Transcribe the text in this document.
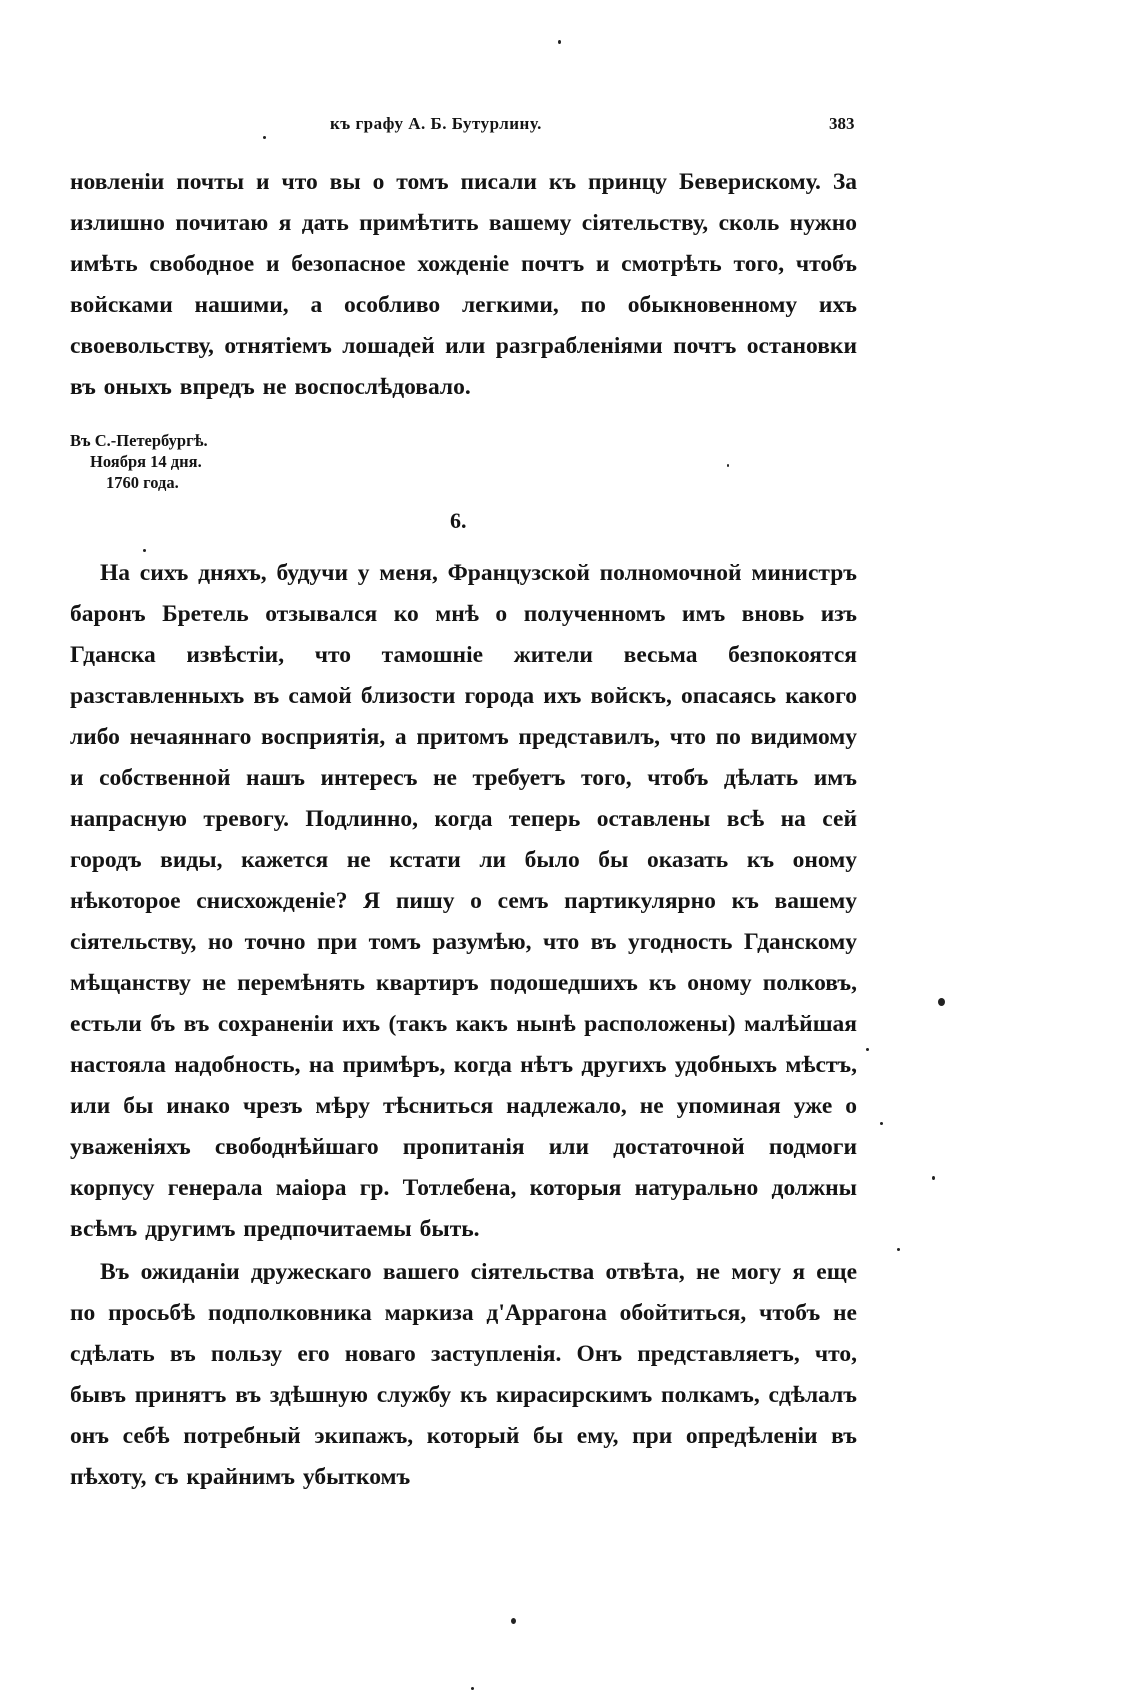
къ графу А. Б. Бутурлину.	383

новленіи почты и что вы о томъ писали къ принцу Беверискому. За излишно почитаю я дать примѣтить вашему сіятельству, сколь нужно имѣть свободное и безопасное хожденіе почтъ и смотрѣть того, чтобъ войсками нашими, а особливо легкими, по обыкновенному ихъ своевольству, отнятіемъ лошадей или разграбленіями почтъ остановки въ оныхъ впредъ не воспослѣдовало.

Въ С.-Петербургѣ.
Ноября 14 дня.
1760 года.
6.

На сихъ дняхъ, будучи у меня, Французской полномочной министръ баронъ Бретель отзывался ко мнѣ о полученномъ имъ вновь изъ Гданска извѣстіи, что тамошніе жители весьма безпокоятся разставленныхъ въ самой близости города ихъ войскъ, опасаясь какого либо нечаяннаго восприятія, а притомъ представилъ, что по видимому и собственной нашъ интересъ не требуетъ того, чтобъ дѣлать имъ напрасную тревогу. Подлинно, когда теперь оставлены всѣ на сей городъ виды, кажется не кстати ли было бы оказать къ оному нѣкоторое снисхожденіе? Я пишу о семъ партикулярно къ вашему сіятельству, но точно при томъ разумѣю, что въ угодность Гданскому мѣщанству не перемѣнять квартиръ подошедшихъ къ оному полковъ, естьли бъ въ сохраненіи ихъ (такъ какъ нынѣ расположены) малѣйшая настояла надобность, на примѣръ, когда нѣтъ другихъ удобныхъ мѣстъ, или бы инако чрезъ мѣру тѣсниться надлежало, не упоминая уже о уваженіяхъ свободнѣйшаго пропитанія или достаточной подмоги корпусу генерала маіора гр. Тотлебена, которыя натурально должны всѣмъ другимъ предпочитаемы быть.

Въ ожиданіи дружескаго вашего сіятельства отвѣта, не могу я еще по просьбѣ подполковника маркиза д'Аррагона обойтиться, чтобъ не сдѣлать въ пользу его новаго заступленія. Онъ представляетъ, что, бывъ принятъ въ здѣшную службу къ кирасирскимъ полкамъ, сдѣлалъ онъ себѣ потребный экипажъ, который бы ему, при опредѣленіи въ пѣхоту, съ крайнимъ убыткомъ
